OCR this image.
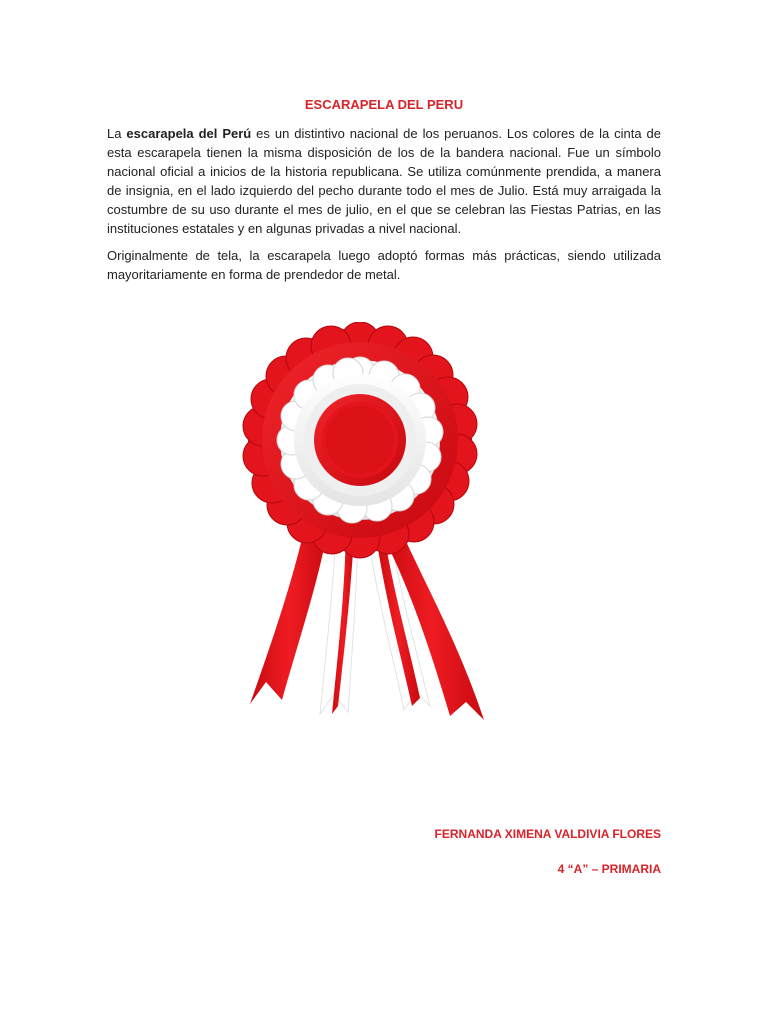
ESCARAPELA DEL PERU

La escarapela del Perú es un distintivo nacional de los peruanos. Los colores de la cinta de esta escarapela tienen la misma disposición de los de la bandera nacional. Fue un símbolo nacional oficial a inicios de la historia republicana. Se utiliza comúnmente prendida, a manera de insignia, en el lado izquierdo del pecho durante todo el mes de Julio. Está muy arraigada la costumbre de su uso durante el mes de julio, en el que se celebran las Fiestas Patrias, en las instituciones estatales y en algunas privadas a nivel nacional.

Originalmente de tela, la escarapela luego adoptó formas más prácticas, siendo utilizada mayoritariamente en forma de prendedor de metal.

FERNANDA XIMENA VALDIVIA FLORES

4 “A” – PRIMARIA
